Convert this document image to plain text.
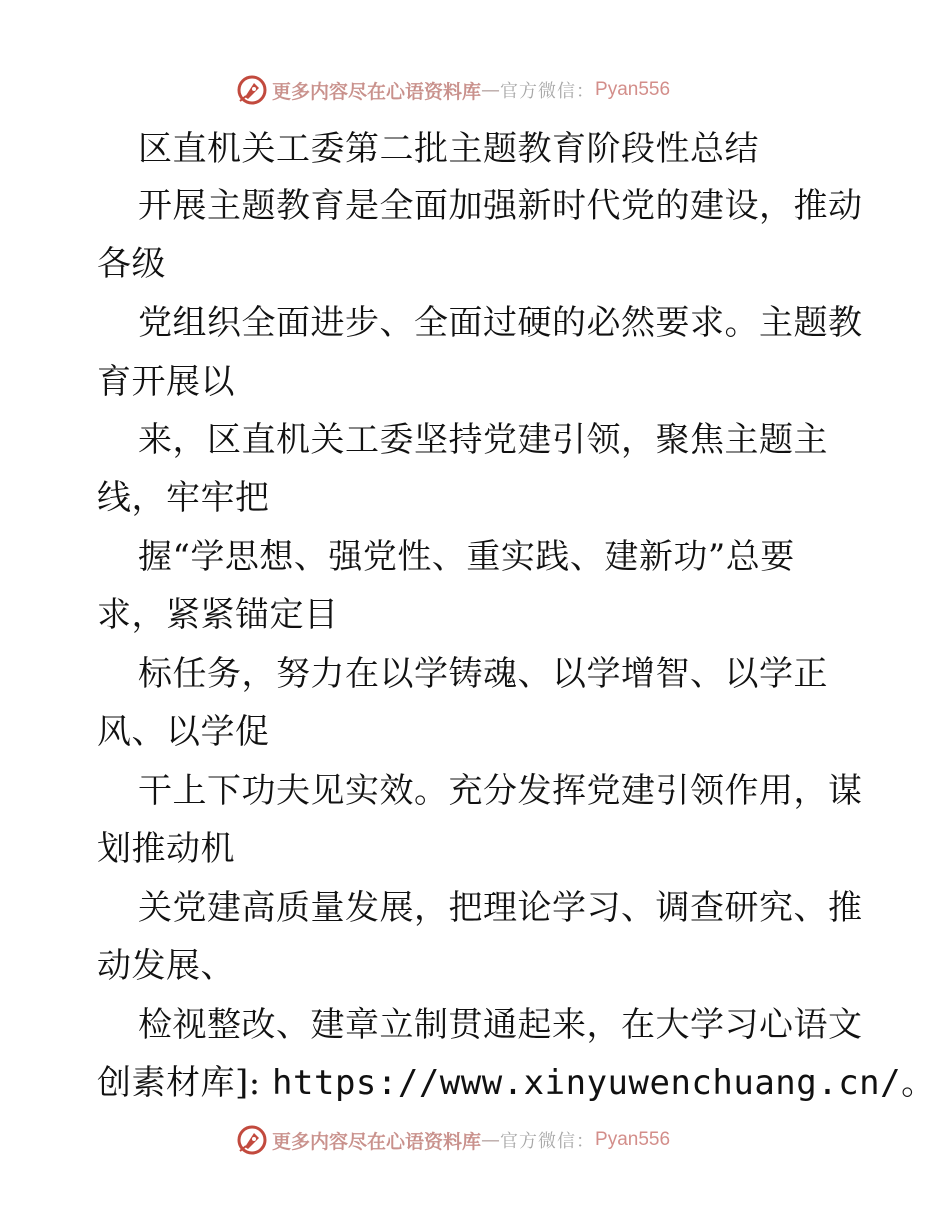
更多内容尽在心语资料库 — 官方微信： Pyan556

区直机关工委第二批主题教育阶段性总结

开展主题教育是全面加强新时代党的建设，推动

各级

党组织全面进步、全面过硬的必然要求。主题教

育开展以

来，区直机关工委坚持党建引领，聚焦主题主

线，牢牢把

握“学思想、强党性、重实践、建新功”总要

求，紧紧锚定目

标任务，努力在以学铸魂、以学增智、以学正

风、以学促

干上下功夫见实效。充分发挥党建引领作用，谋

划推动机

关党建高质量发展，把理论学习、调查研究、推

动发展、

检视整改、建章立制贯通起来，在大学习心语文

创素材库]: https://www.xinyuwenchuang.cn/。

更多内容尽在心语资料库 — 官方微信： Pyan556
